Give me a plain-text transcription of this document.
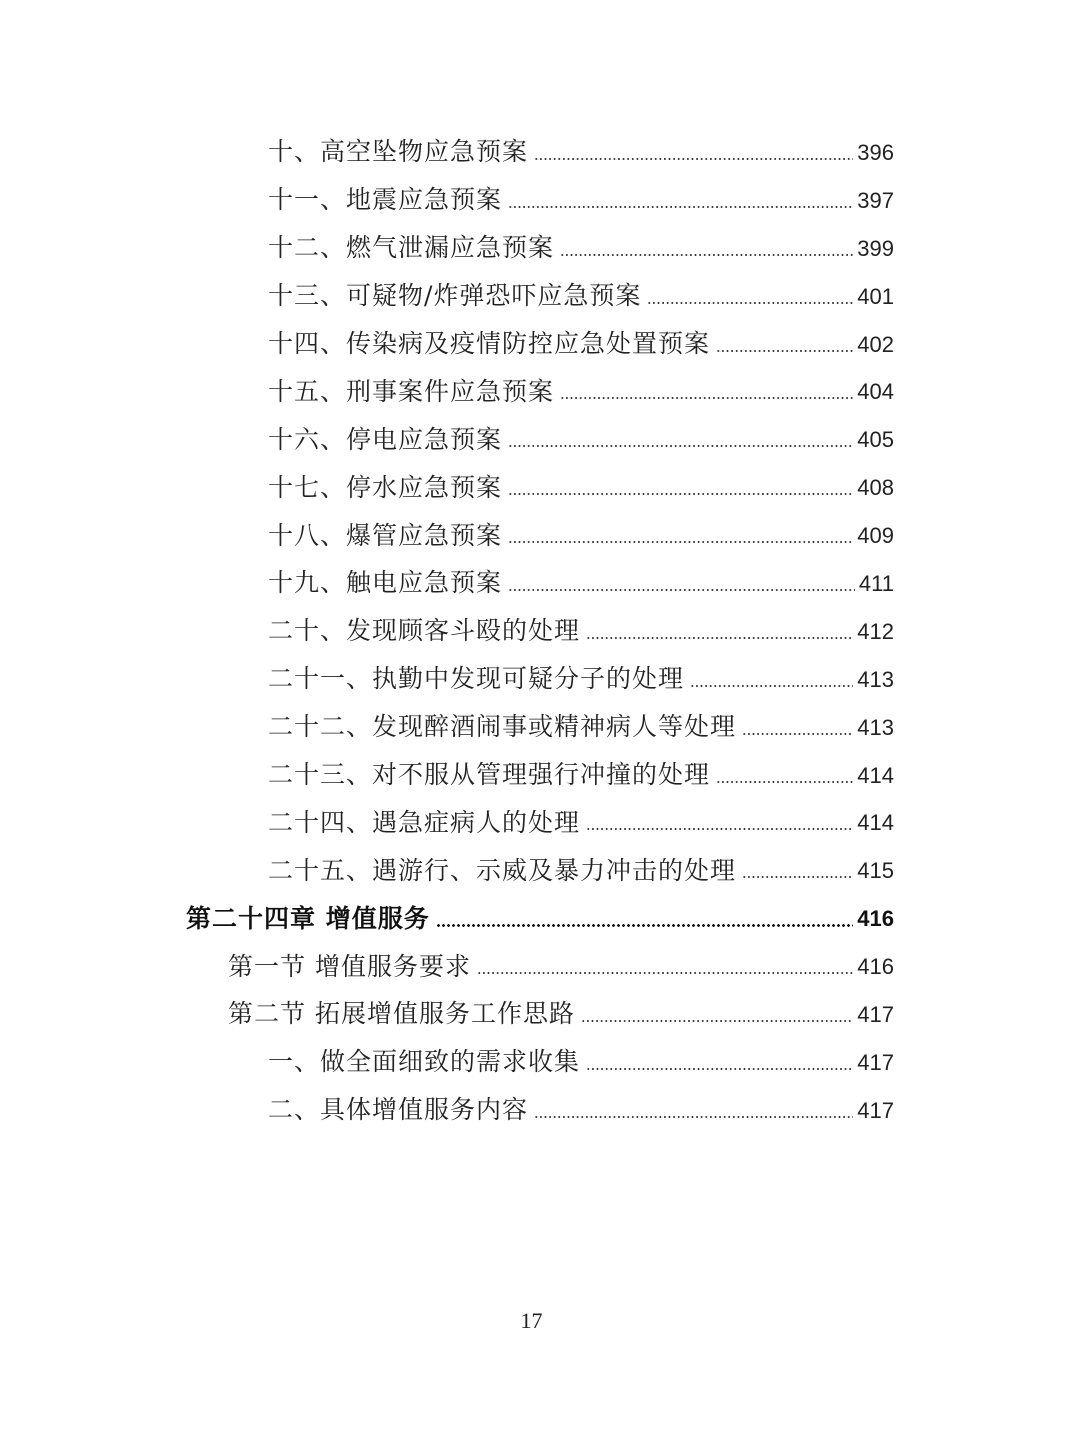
十、高空坠物应急预案	396
十一、地震应急预案	397
十二、燃气泄漏应急预案	399
十三、可疑物/炸弹恐吓应急预案	401
十四、传染病及疫情防控应急处置预案	402
十五、刑事案件应急预案	404
十六、停电应急预案	405
十七、停水应急预案	408
十八、爆管应急预案	409
十九、触电应急预案	411
二十、发现顾客斗殴的处理	412
二十一、执勤中发现可疑分子的处理	413
二十二、发现醉酒闹事或精神病人等处理	413
二十三、对不服从管理强行冲撞的处理	414
二十四、遇急症病人的处理	414
二十五、遇游行、示威及暴力冲击的处理	415
第二十四章 增值服务	416
第一节 增值服务要求	416
第二节 拓展增值服务工作思路	417
一、做全面细致的需求收集	417
二、具体增值服务内容	417
17
